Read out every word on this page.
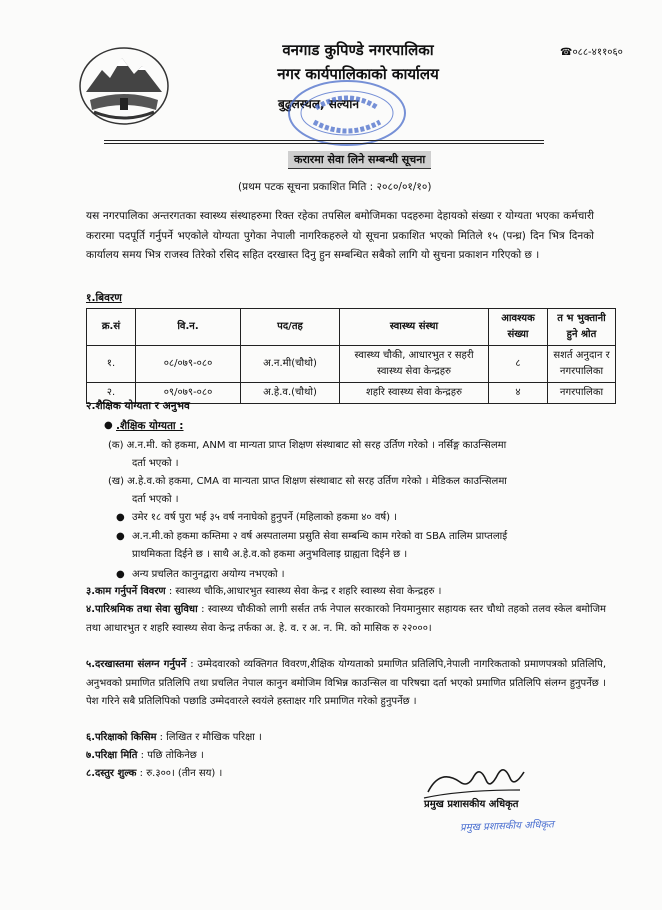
वनगाड कुपिण्डे नगरपालिका
नगर कार्यपालिकाको कार्यालय
बुढुलस्थल, सल्यान
☎०८८-४११०६०
करारमा सेवा लिने सम्बन्धी सूचना
(प्रथम पटक सूचना प्रकाशित मिति : २०८०/०१/१०)
यस नगरपालिका अन्तरगतका स्वास्थ्य संस्थाहरुमा रिक्त रहेका तपसिल बमोजिमका पदहरुमा देहायको संख्या र योग्यता भएका कर्मचारी करारमा पदपूर्ति गर्नुपर्ने भएकोले योग्यता पुगेका नेपाली नागरिकहरुले यो सूचना प्रकाशित भएको मितिले १५ (पन्ध्र) दिन भित्र दिनको कार्यालय समय भित्र राजस्व तिरेको रसिद सहित दरखास्त दिनु हुन सम्बन्धित सबैको लागि यो सुचना प्रकाशन गरिएको छ ।
१.बिवरण
क्र.सं	वि.न.	पद/तह	स्वास्थ्य संस्था	आवश्यक संख्या	त भ भुक्तानी हुने श्रोत
१.	०८/०७९-०८०	अ.न.मी(चौथो)	स्वास्थ्य चौकी, आधारभुत र सहरी स्वास्थ्य सेवा केन्द्रहरु	८	सशर्त अनुदान र नगरपालिका
२.	०९/०७९-०८०	अ.हे.व.(चौथो)	शहरि स्वास्थ्य सेवा केन्द्रहरु	४	नगरपालिका
२.शैक्षिक योग्यता र अनुभव
● .शैक्षिक योग्यता :
(क) अ.न.मी. को हकमा, ANM वा मान्यता प्राप्त शिक्षण संस्थाबाट सो सरह उर्तिण गरेको । नर्सिङ्ग काउन्सिलमा
दर्ता भएको ।
(ख) अ.हे.व.को हकमा, CMA वा मान्यता प्राप्त शिक्षण संस्थाबाट सो सरह उर्तिण गरेको । मेडिकल काउन्सिलमा
दर्ता भएको ।
● उमेर १८ वर्ष पुरा भई ३५ वर्ष ननाघेको हुनुपर्ने (महिलाको हकमा ४० वर्ष) ।
● अ.न.मी.को हकमा कम्तिमा २ वर्ष अस्पतालमा प्रसुति सेवा सम्बन्धि काम गरेको वा SBA तालिम प्राप्तलाई
प्राथमिकता दिईने छ । साथै अ.हे.व.को हकमा अनुभविलाइ ग्राह्यता दिईने छ ।
● अन्य प्रचलित कानुनद्वारा अयोग्य नभएको ।
३.काम गर्नुपर्ने विवरण : स्वास्थ्य चौकि,आधारभुत स्वास्थ्य सेवा केन्द्र र शहरि स्वास्थ्य सेवा केन्द्रहरु ।
४.पारिश्रमिक तथा सेवा सुविधा : स्वास्थ्य चौकीको लागी सर्सत तर्फ नेपाल सरकारको नियमानुसार सहायक स्तर चौथो तहको तलव स्केल बमोजिम तथा आधारभुत र शहरि स्वास्थ्य सेवा केन्द्र तर्फका अ. हे. व. र अ. न. मि. को मासिक रु २२०००।
५.दरखास्तमा संलग्न गर्नुपर्ने : उम्मेदवारको व्यक्तिगत विवरण,शैक्षिक योग्यताको प्रमाणित प्रतिलिपि,नेपाली नागरिकताको प्रमाणपत्रको प्रतिलिपि, अनुभवको प्रमाणित प्रतिलिपि तथा प्रचलित नेपाल कानुन बमोजिम विभिन्न काउन्सिल वा परिषद्मा दर्ता भएको प्रमाणित प्रतिलिपि संलग्न हुनुपर्नेछ । पेश गरिने सबै प्रतिलिपिको पछाडि उम्मेदवारले स्वयंले हस्ताक्षर गरि प्रमाणित गरेको हुनुपर्नेछ ।
६.परिक्षाको किसिम : लिखित र मौखिक परिक्षा ।
७.परिक्षा मिति : पछि तोकिनेछ ।
८.दस्तुर शुल्क : रु.३००। (तीन सय) ।
प्रमुख प्रशासकीय अधिकृत
प्रमुख प्रशासकीय अधिकृत
